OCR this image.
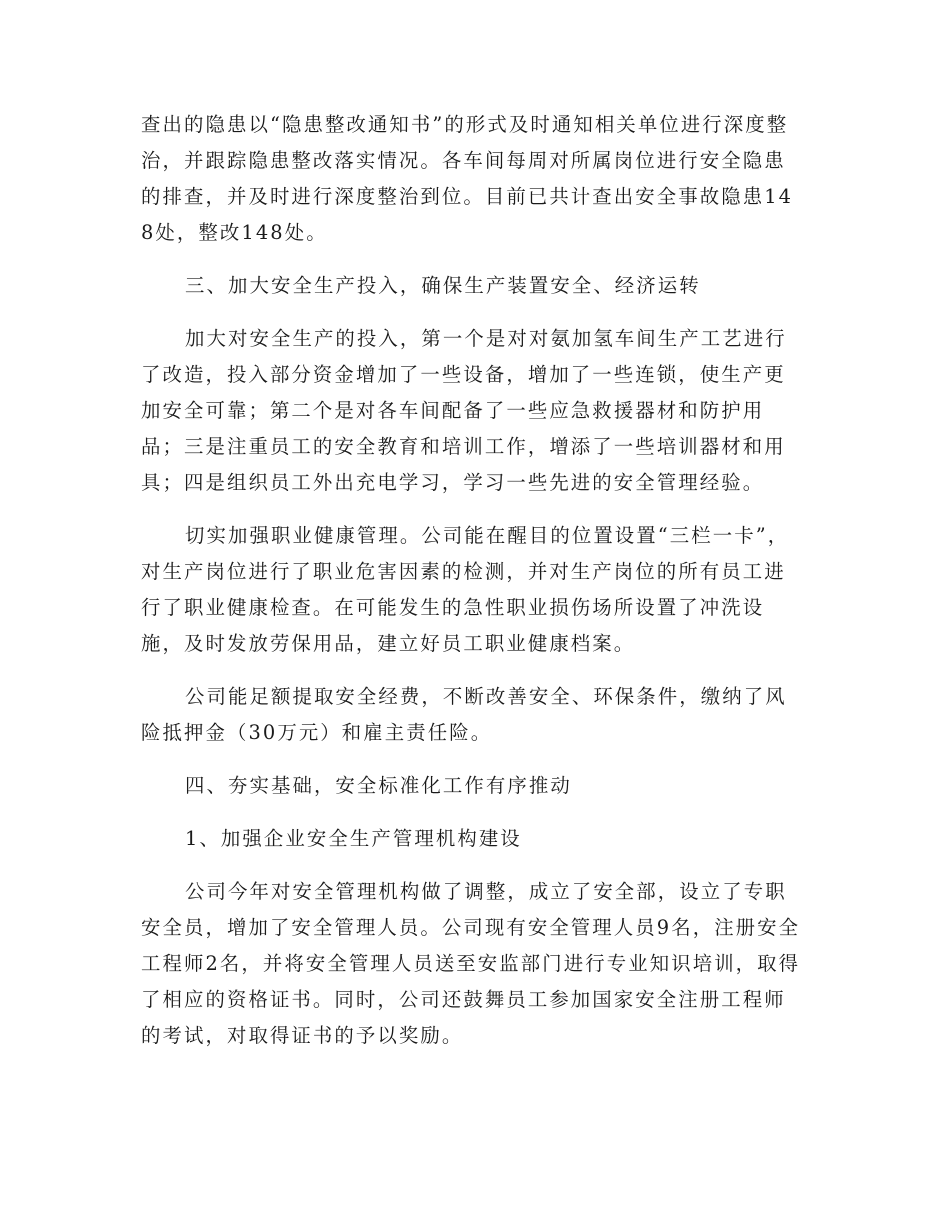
查出的隐患以“隐患整改通知书”的形式及时通知相关单位进行深度整治，并跟踪隐患整改落实情况。各车间每周对所属岗位进行安全隐患的排查，并及时进行深度整治到位。目前已共计查出安全事故隐患148处，整改148处。

三、加大安全生产投入，确保生产装置安全、经济运转

加大对安全生产的投入，第一个是对对氨加氢车间生产工艺进行了改造，投入部分资金增加了一些设备，增加了一些连锁，使生产更加安全可靠；第二个是对各车间配备了一些应急救援器材和防护用品；三是注重员工的安全教育和培训工作，增添了一些培训器材和用具；四是组织员工外出充电学习，学习一些先进的安全管理经验。

切实加强职业健康管理。公司能在醒目的位置设置“三栏一卡”，对生产岗位进行了职业危害因素的检测，并对生产岗位的所有员工进行了职业健康检查。在可能发生的急性职业损伤场所设置了冲洗设施，及时发放劳保用品，建立好员工职业健康档案。

公司能足额提取安全经费，不断改善安全、环保条件，缴纳了风险抵押金（30万元）和雇主责任险。

四、夯实基础，安全标准化工作有序推动

1、加强企业安全生产管理机构建设

公司今年对安全管理机构做了调整，成立了安全部，设立了专职安全员，增加了安全管理人员。公司现有安全管理人员9名，注册安全工程师2名，并将安全管理人员送至安监部门进行专业知识培训，取得了相应的资格证书。同时，公司还鼓舞员工参加国家安全注册工程师的考试，对取得证书的予以奖励。
